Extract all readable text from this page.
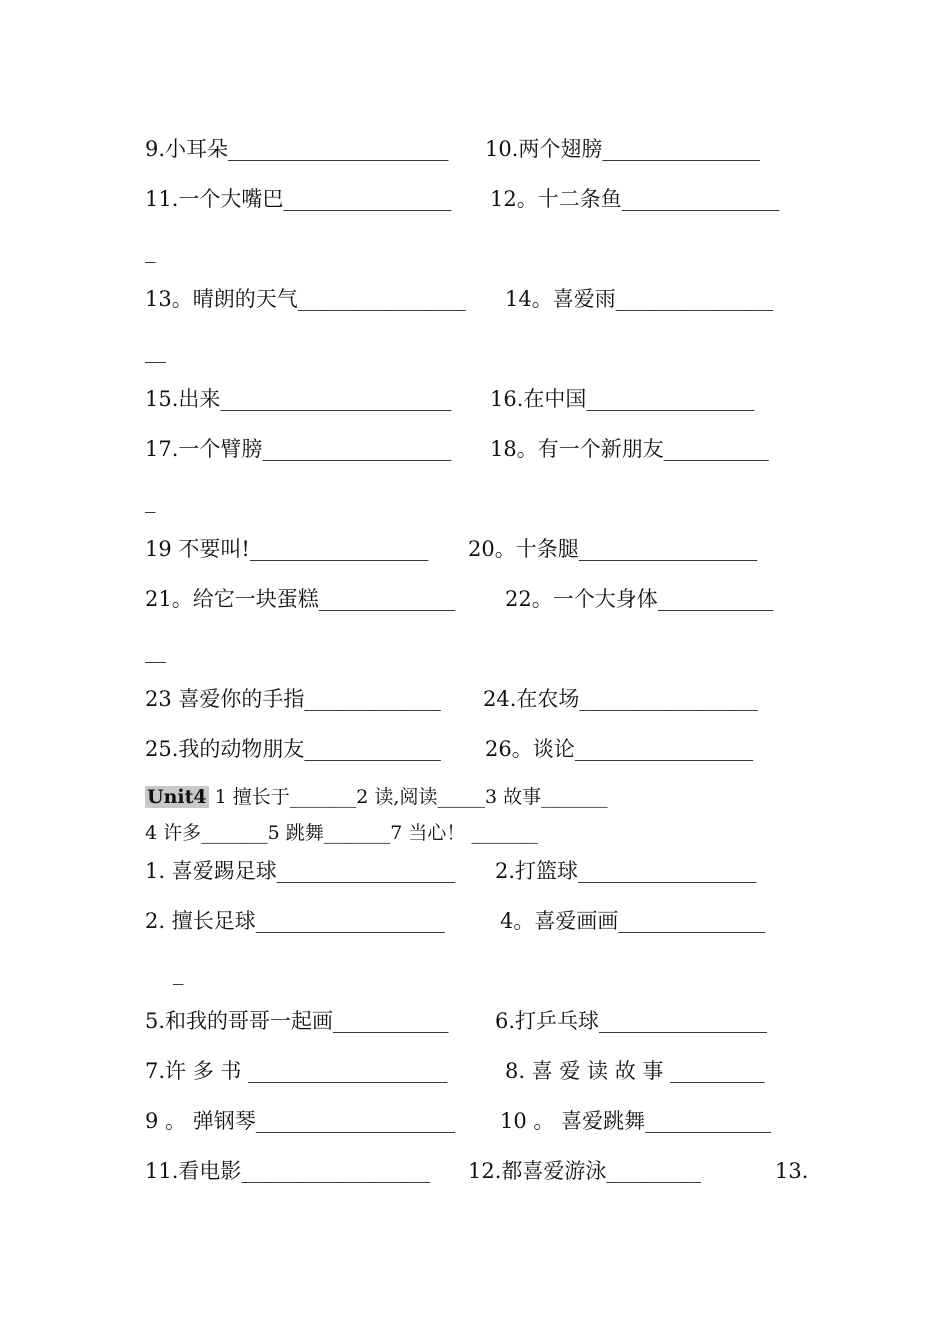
9.小耳朵_____________________ 10.两个翅膀_______________
11.一个大嘴巴________________ 12。十二条鱼_______________
_
13。晴朗的天气________________ 14。喜爱雨_______________
__
15.出来______________________ 16.在中国________________
17.一个臂膀__________________ 18。有一个新朋友__________
_
19 不要叫!_________________ 20。十条腿_________________
21。给它一块蛋糕_____________ 22。一个大身体___________
__
23 喜爱你的手指_____________ 24.在农场_________________
25.我的动物朋友_____________ 26。谈论_________________
Unit4 1 擅长于_______2 读,阅读_____3 故事_______
4 许多_______5 跳舞_______7 当心！ _______
1. 喜爱踢足球_________________ 2.打篮球_________________
2. 擅长足球__________________	4。喜爱画画______________
_
5.和我的哥哥一起画___________ 6.打乒乓球________________
7.许 多 书 ___________________	8. 喜 爱 读 故 事 _________
9 。 弹钢琴___________________ 10 。 喜爱跳舞____________
11.看电影__________________ 12.都喜爱游泳_________	13.
